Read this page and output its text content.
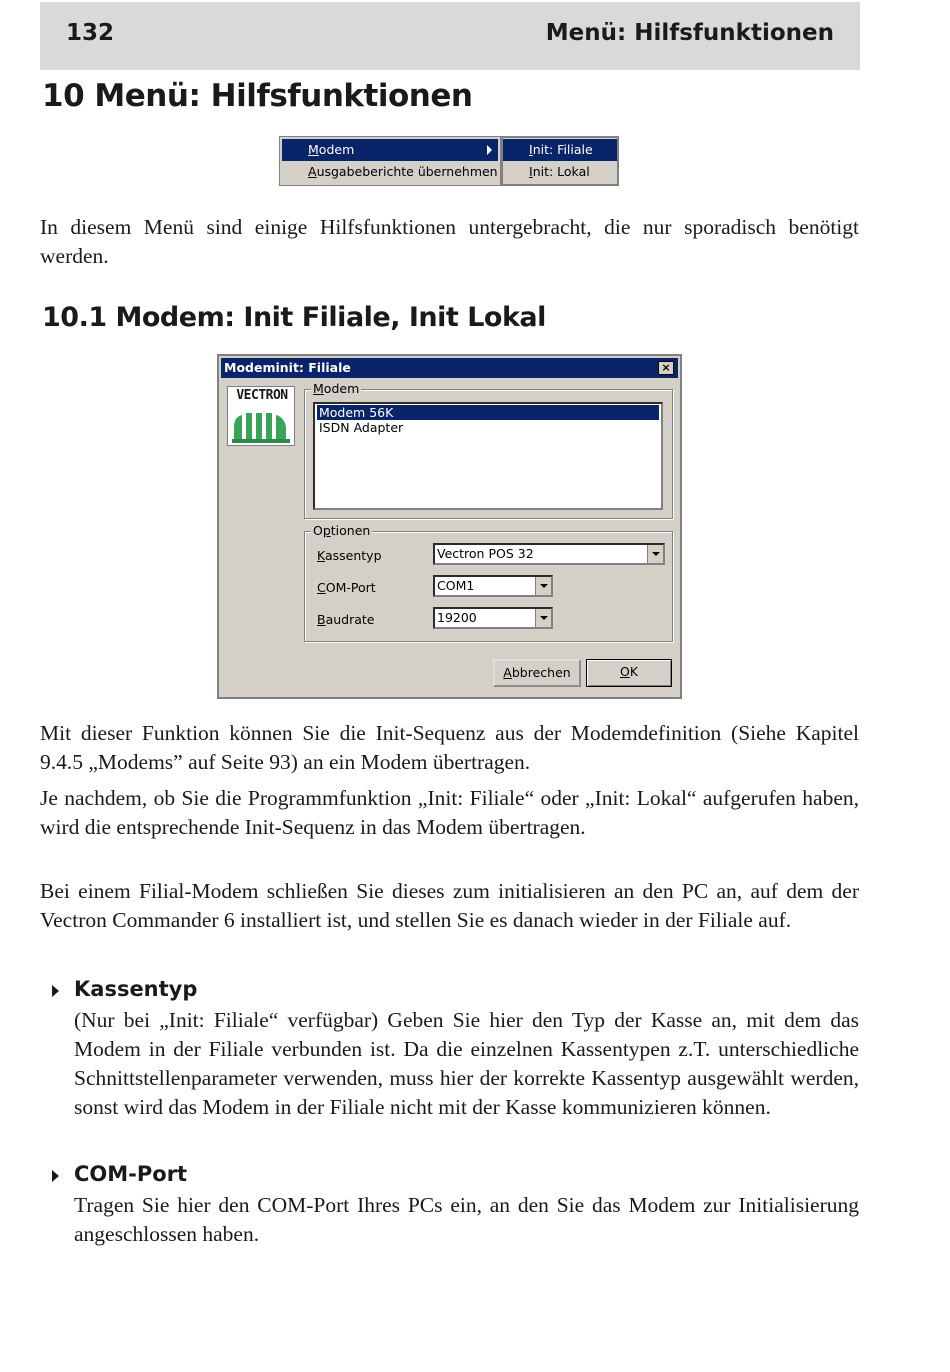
132	Menü: Hilfsfunktionen
10 Menü: Hilfsfunktionen
Modem
Ausgabeberichte übernehmen
Init: Filiale
Init: Lokal
In diesem Menü sind einige Hilfsfunktionen untergebracht, die nur sporadisch benötigt werden.
10.1 Modem: Init Filiale, Init Lokal
Modeminit: Filiale	×
VECTRON	Modem
Modem 56K
ISDN Adapter
Optionen
Kassentyp	Vectron POS 32
COM-Port	COM1
Baudrate	19200
Abbrechen	OK
Mit dieser Funktion können Sie die Init-Sequenz aus der Modemdefinition (Siehe Kapitel 9.4.5 „Modems” auf Seite 93) an ein Modem übertragen.
Je nachdem, ob Sie die Programmfunktion „Init: Filiale“ oder „Init: Lokal“ aufgerufen haben, wird die entsprechende Init-Sequenz in das Modem übertragen.
Bei einem Filial-Modem schließen Sie dieses zum initialisieren an den PC an, auf dem der Vectron Commander 6 installiert ist, und stellen Sie es danach wieder in der Filiale auf.
Kassentyp
(Nur bei „Init: Filiale“ verfügbar) Geben Sie hier den Typ der Kasse an, mit dem das Modem in der Filiale verbunden ist. Da die einzelnen Kassentypen z.T. unterschiedliche Schnittstellenparameter verwenden, muss hier der korrekte Kassentyp ausgewählt werden, sonst wird das Modem in der Filiale nicht mit der Kasse kommunizieren können.
COM-Port
Tragen Sie hier den COM-Port Ihres PCs ein, an den Sie das Modem zur Initialisierung angeschlossen haben.
